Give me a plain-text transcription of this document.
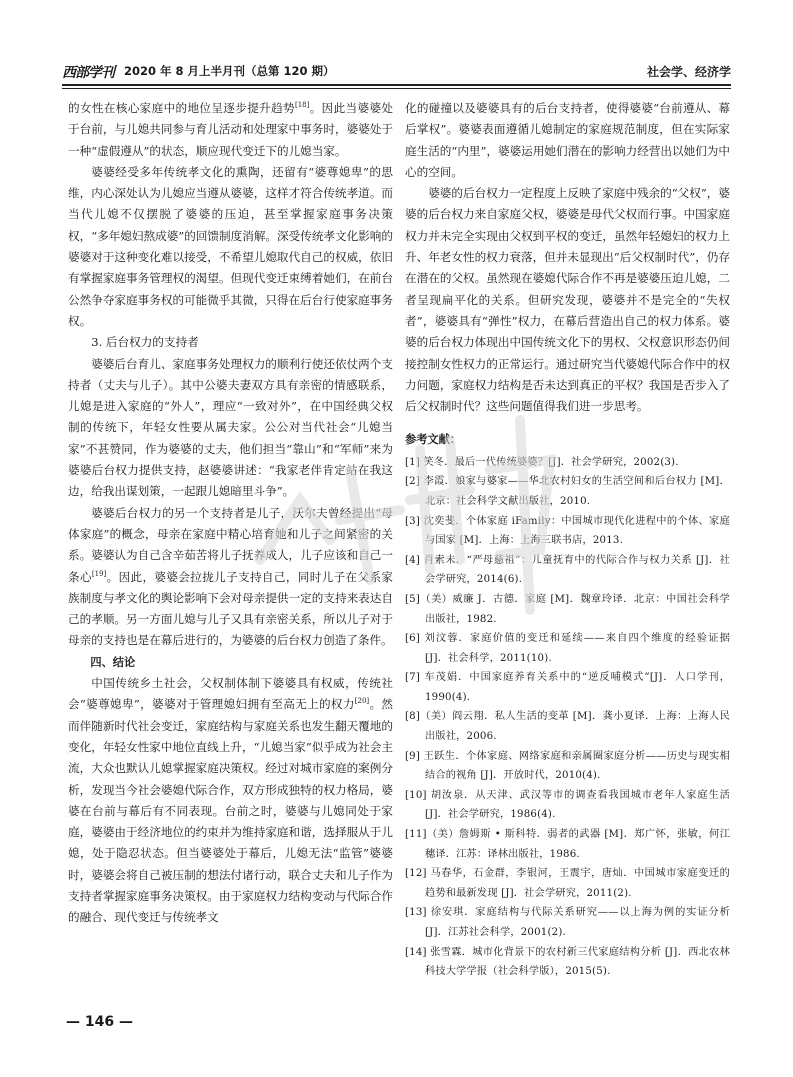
西部学刊 2020 年 8 月上半月刊（总第 120 期）	社会学、经济学

的女性在核心家庭中的地位呈逐步提升趋势[18]。因此当婆婆处于台前，与儿媳共同参与育儿活动和处理家中事务时，婆婆处于一种“虚假遵从”的状态，顺应现代变迁下的儿媳当家。

婆婆经受多年传统孝文化的熏陶，还留有“婆尊媳卑”的思维，内心深处认为儿媳应当遵从婆婆，这样才符合传统孝道。而当代儿媳不仅摆脱了婆婆的压迫，甚至掌握家庭事务决策权，“多年媳妇熬成婆”的回馈制度消解。深受传统孝文化影响的婆婆对于这种变化难以接受，不希望儿媳取代自己的权威，依旧有掌握家庭事务管理权的渴望。但现代变迁束缚着她们，在前台公然争夺家庭事务权的可能微乎其微，只得在后台行使家庭事务权。

3. 后台权力的支持者

婆婆后台育儿、家庭事务处理权力的顺利行使还依仗两个支持者（丈夫与儿子）。其中公婆夫妻双方具有亲密的情感联系，儿媳是进入家庭的“外人”，理应“一致对外”，在中国经典父权制的传统下，年轻女性要从属夫家。公公对当代社会“儿媳当家”不甚赞同，作为婆婆的丈夫，他们担当“靠山”和“军师”来为婆婆后台权力提供支持，赵婆婆讲述：“我家老伴肯定站在我这边，给我出谋划策，一起跟儿媳暗里斗争”。

婆婆后台权力的另一个支持者是儿子，沃尔夫曾经提出“母体家庭”的概念，母亲在家庭中精心培育她和儿子之间紧密的关系。婆婆认为自己含辛茹苦将儿子抚养成人，儿子应该和自己一条心[19]。因此，婆婆会拉拢儿子支持自己，同时儿子在父系家族制度与孝文化的舆论影响下会对母亲提供一定的支持来表达自己的孝顺。另一方面儿媳与儿子又具有亲密关系，所以儿子对于母亲的支持也是在幕后进行的，为婆婆的后台权力创造了条件。

四、结论

中国传统乡土社会，父权制体制下婆婆具有权威，传统社会“婆尊媳卑”，婆婆对于管理媳妇拥有至高无上的权力[20]。然而伴随新时代社会变迁，家庭结构与家庭关系也发生翻天覆地的变化，年轻女性家中地位直线上升，“儿媳当家”似乎成为社会主流，大众也默认儿媳掌握家庭决策权。经过对城市家庭的案例分析，发现当今社会婆媳代际合作，双方形成独特的权力格局，婆婆在台前与幕后有不同表现。台前之时，婆婆与儿媳同处于家庭，婆婆由于经济地位的约束并为维持家庭和谐，选择服从于儿媳，处于隐忍状态。但当婆婆处于幕后，儿媳无法“监管”婆婆时，婆婆会将自己被压制的想法付诸行动，联合丈夫和儿子作为支持者掌握家庭事务决策权。由于家庭权力结构变动与代际合作的融合、现代变迁与传统孝文

化的碰撞以及婆婆具有的后台支持者，使得婆婆“台前遵从、幕后掌权”。婆婆表面遵循儿媳制定的家庭规范制度，但在实际家庭生活的“内里”，婆婆运用她们潜在的影响力经营出以她们为中心的空间。

婆婆的后台权力一定程度上反映了家庭中残余的“父权”，婆婆的后台权力来自家庭父权，婆婆是母代父权而行事。中国家庭权力并未完全实现由父权到平权的变迁，虽然年轻媳妇的权力上升、年老女性的权力衰落，但并未显现出“后父权制时代”，仍存在潜在的父权。虽然现在婆媳代际合作不再是婆婆压迫儿媳，二者呈现扁平化的关系。但研究发现，婆婆并不是完全的“失权者”，婆婆具有“弹性”权力，在幕后营造出自己的权力体系。婆婆的后台权力体现出中国传统文化下的男权、父权意识形态仍间接控制女性权力的正常运行。通过研究当代婆媳代际合作中的权力问题，家庭权力结构是否未达到真正的平权？我国是否步入了后父权制时代？这些问题值得我们进一步思考。

参考文献：

[1] 笑冬．最后一代传统婆婆？[J]．社会学研究，2002(3).
[2] 李霞．娘家与婆家——华北农村妇女的生活空间和后台权力 [M]．北京：社会科学文献出版社，2010.
[3] 沈奕斐．个体家庭 iFamily：中国城市现代化进程中的个体、家庭与国家 [M]．上海：上海三联书店，2013.
[4] 肖索未．“严母慈祖”：儿童抚育中的代际合作与权力关系 [J]．社会学研究，2014(6).
[5]（美）威廉 J．古德．家庭 [M]．魏章玲译．北京：中国社会科学出版社，1982.
[6] 刘汶蓉．家庭价值的变迁和延续——来自四个维度的经验证据 [J]．社会科学，2011(10).
[7] 车茂娟．中国家庭养育关系中的“逆反哺模式”[J]．人口学刊，1990(4).
[8]（美）阎云翔．私人生活的变革 [M]．龚小夏译．上海：上海人民出版社，2006.
[9] 王跃生．个体家庭、网络家庭和亲属圈家庭分析——历史与现实相结合的视角 [J]．开放时代，2010(4).
[10] 胡汝泉．从天津、武汉等市的调查看我国城市老年人家庭生活 [J]．社会学研究，1986(4).
[11]（美）詹姆斯 • 斯科特．弱者的武器 [M]．郑广怀，张敏，何江穗译．江苏：译林出版社，1986.
[12] 马春华，石金群，李银河，王震宇，唐灿．中国城市家庭变迁的趋势和最新发现 [J]．社会学研究，2011(2).
[13] 徐安琪．家庭结构与代际关系研究——以上海为例的实证分析 [J]．江苏社会科学，2001(2).
[14] 张雪霖．城市化背景下的农村新三代家庭结构分析 [J]．西北农林科技大学学报（社会科学版），2015(5).
— 146 —
